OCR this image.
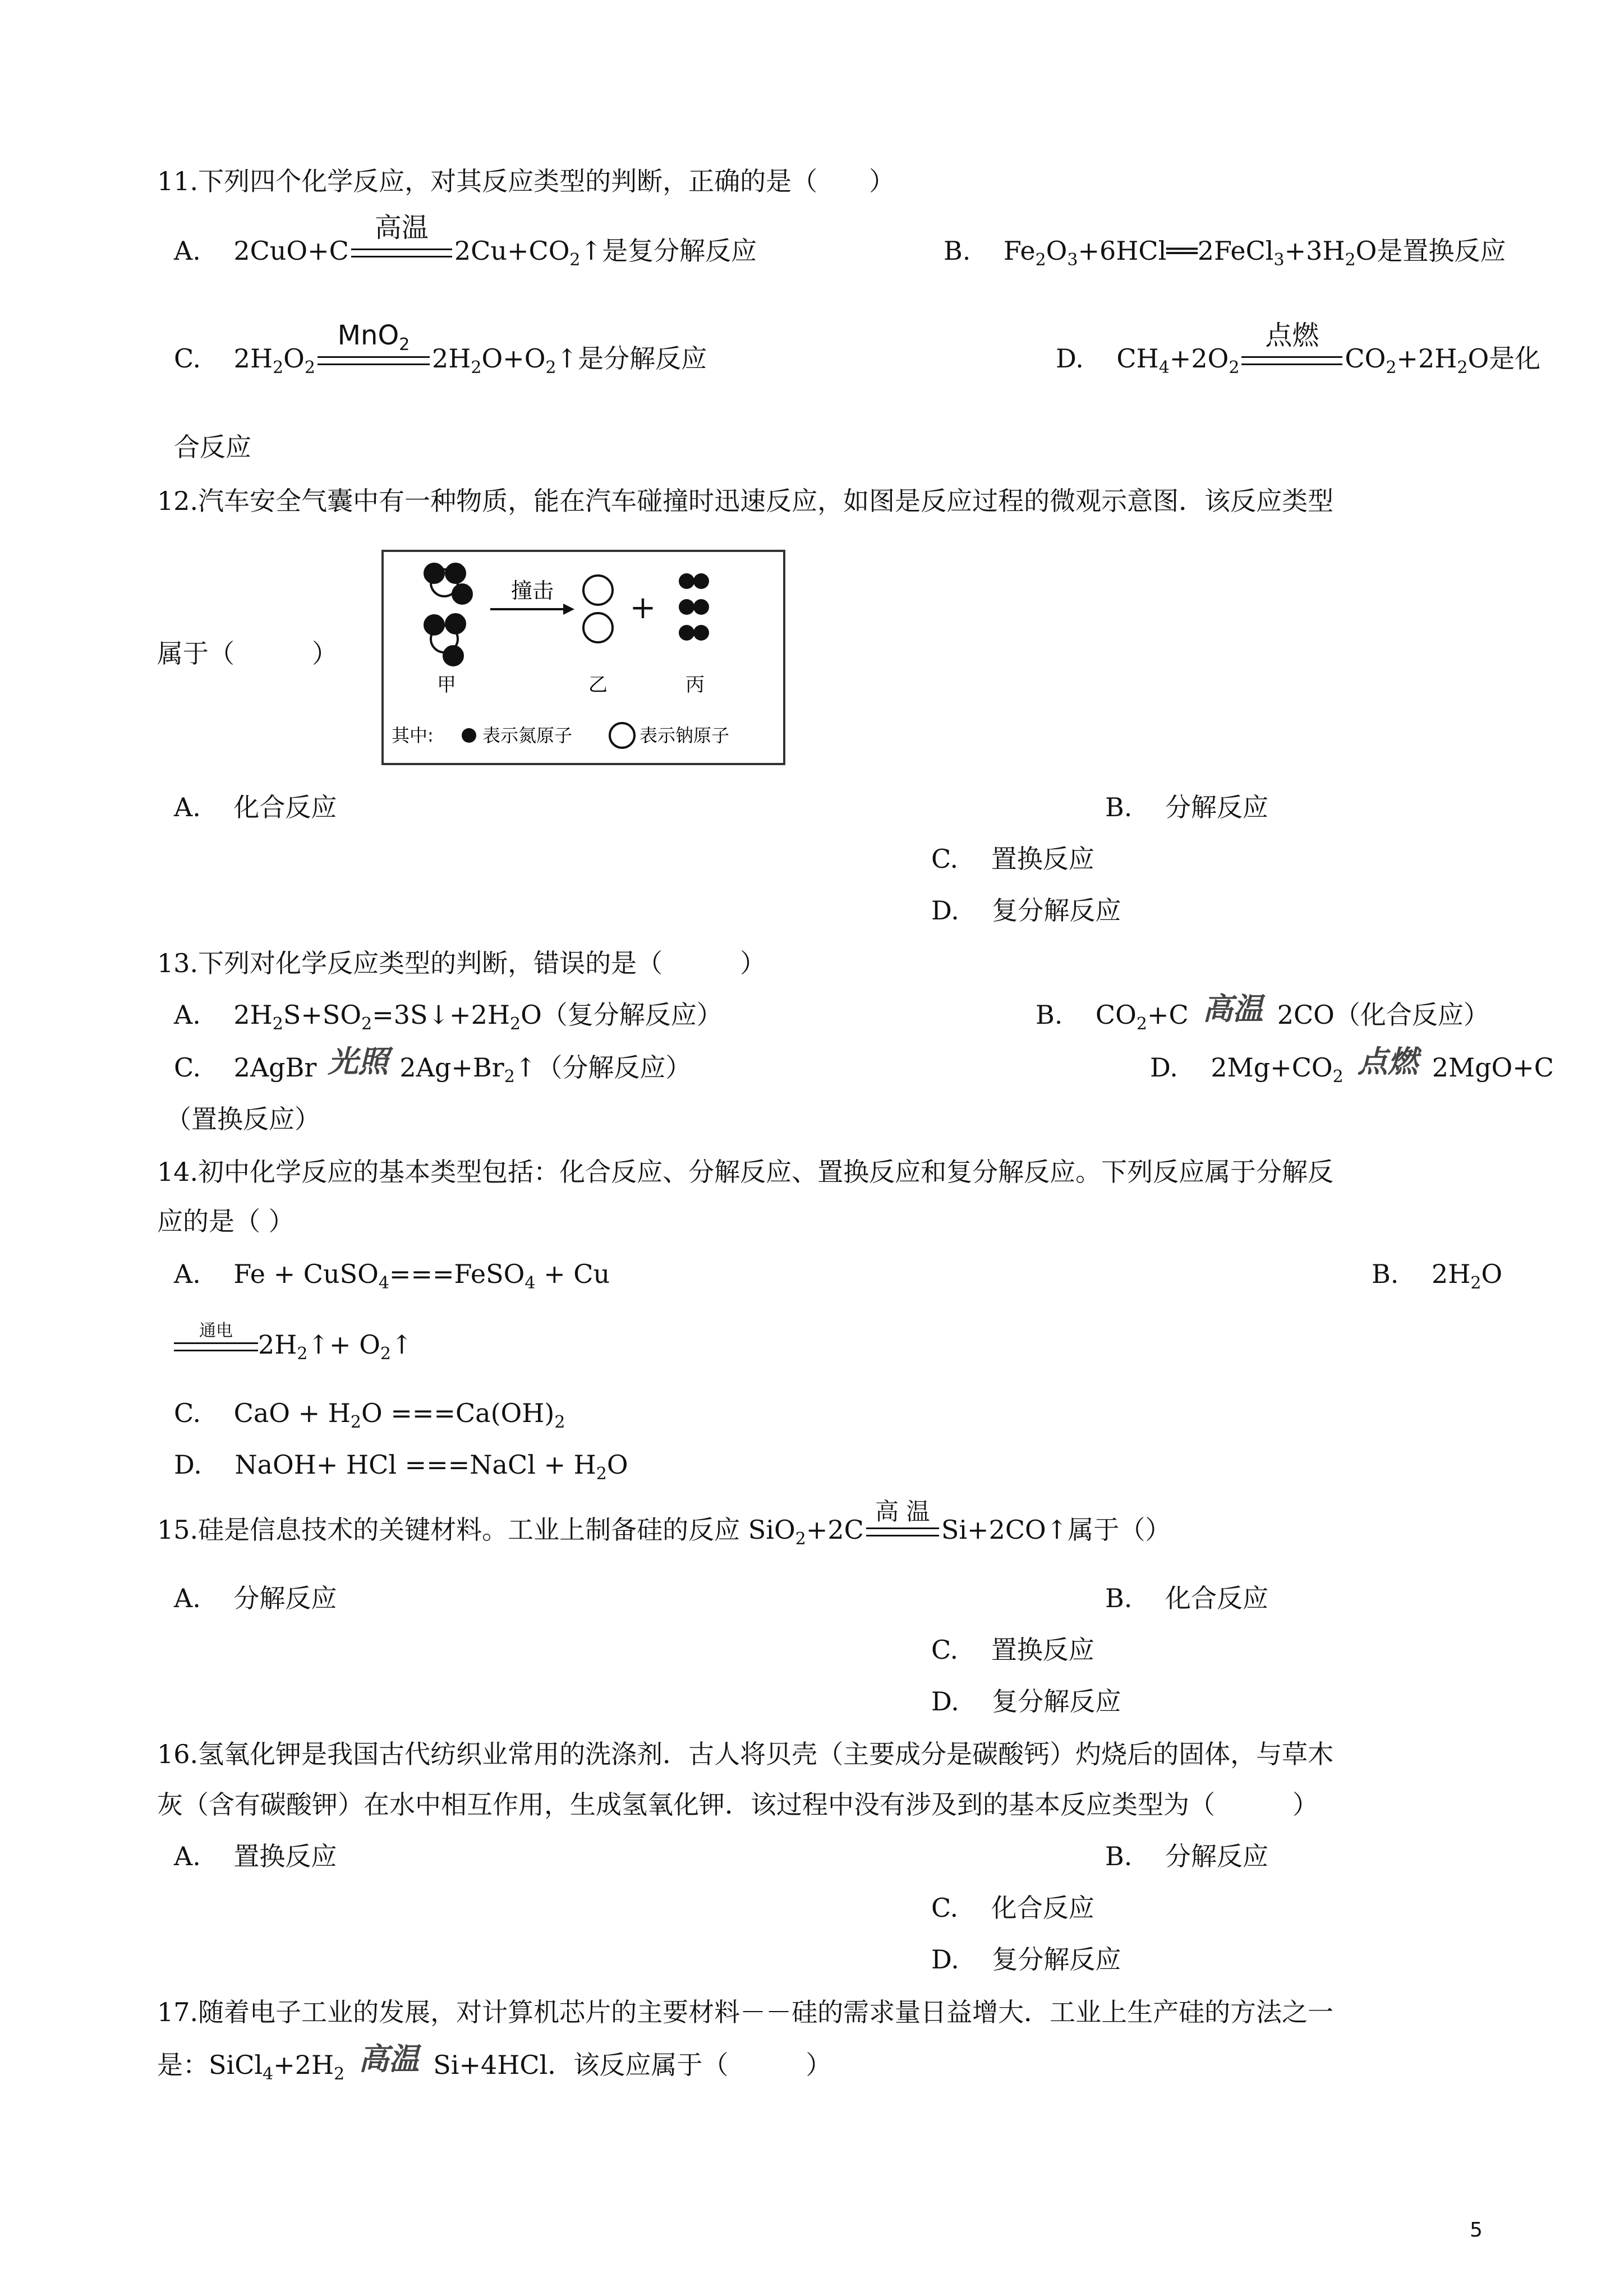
11.下列四个化学反应，对其反应类型的判断，正确的是（　　）
A.    2CuO+C
高温
$2Cu+CO_2↑$是复分解反应	B.    $Fe_2O_3+6HCl══2FeCl_3+3H_2O$是置换反应
C.    $2H_2O_2$
MnO$_2$ $2H_2O+O_2↑$是分解反应	D.    $CH_4+2O_2$
点燃
$CO_2+2H_2O$是化
合反应
12.汽车安全气囊中有一种物质，能在汽车碰撞时迅速反应，如图是反应过程的微观示意图．该反应类型
属于（　　　）
撞击 +
甲	乙	丙
其中:	表示氮原子	表示钠原子
A. 化合反应	B. 分解反应
C. 置换反应
D. 复分解反应
13.下列对化学反应类型的判断，错误的是（　　　）
A.    $2H_2S+SO_2=3S↓+2H_2O$（复分解反应）	B.    $CO_2+C$ 高温 2CO（化合反应）
C.    2AgBr 光照 $2Ag+Br_2↑$（分解反应）	D.    $2Mg+CO_2$ 点燃 2MgO+C
（置换反应）
14.初中化学反应的基本类型包括：化合反应、分解反应、置换反应和复分解反应。下列反应属于分解反
应的是（ ）
A. Fe + CuSO$_4$===FeSO$_4$ + Cu	B. $2H_2O$
通电 $2H_2↑+$ $O_2↑$
C.    CaO + $H_2O ===Ca(OH)_2$
D.    NaOH+ HCl ===NaCl + $H_2O$
15.硅是信息技术的关键材料。工业上制备硅的反应 SiO$_2$+2C
高 温
Si+2CO↑属于（）
A. 分解反应	B. 化合反应
C. 置换反应
D. 复分解反应
16.氢氧化钾是我国古代纺织业常用的洗涤剂．古人将贝壳（主要成分是碳酸钙）灼烧后的固体，与草木
灰（含有碳酸钾）在水中相互作用，生成氢氧化钾．该过程中没有涉及到的基本反应类型为（　　　）
A. 置换反应	B. 分解反应
C. 化合反应
D. 复分解反应
17.随着电子工业的发展，对计算机芯片的主要材料－－硅的需求量日益增大．工业上生产硅的方法之一
是：$SiCl_4+2H_2$ 高温 Si+4HCl．该反应属于（　　　）
5
